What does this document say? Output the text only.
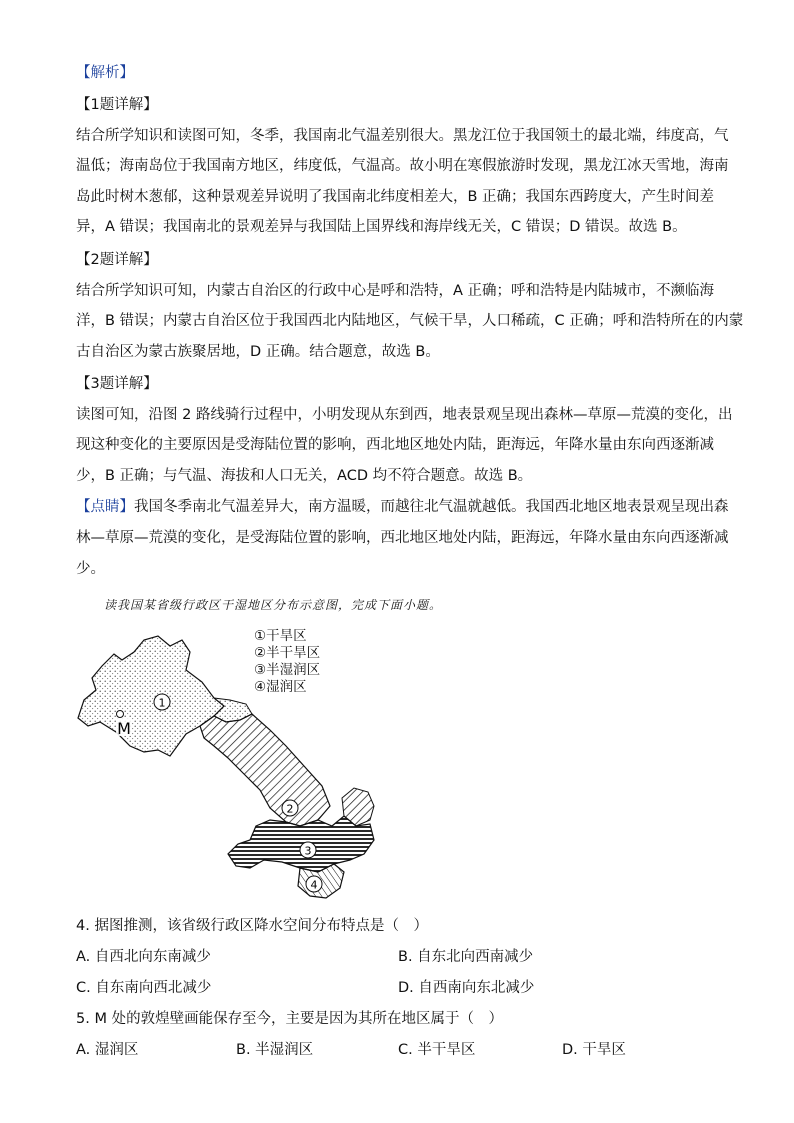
【解析】
【1题详解】
结合所学知识和读图可知，冬季，我国南北气温差别很大。黑龙江位于我国领土的最北端，纬度高，气
温低；海南岛位于我国南方地区，纬度低，气温高。故小明在寒假旅游时发现，黑龙江冰天雪地，海南
岛此时树木葱郁，这种景观差异说明了我国南北纬度相差大，B 正确；我国东西跨度大，产生时间差
异，A 错误；我国南北的景观差异与我国陆上国界线和海岸线无关，C 错误；D 错误。故选 B。
【2题详解】
结合所学知识可知，内蒙古自治区的行政中心是呼和浩特，A 正确；呼和浩特是内陆城市，不濒临海
洋，B 错误；内蒙古自治区位于我国西北内陆地区，气候干旱，人口稀疏，C 正确；呼和浩特所在的内蒙
古自治区为蒙古族聚居地，D 正确。结合题意，故选 B。
【3题详解】
读图可知，沿图 2 路线骑行过程中，小明发现从东到西，地表景观呈现出森林—草原—荒漠的变化，出
现这种变化的主要原因是受海陆位置的影响，西北地区地处内陆，距海远，年降水量由东向西逐渐减
少，B 正确；与气温、海拔和人口无关，ACD 均不符合题意。故选 B。
【点睛】我国冬季南北气温差异大，南方温暖，而越往北气温就越低。我国西北地区地表景观呈现出森
林—草原—荒漠的变化，是受海陆位置的影响，西北地区地处内陆，距海远，年降水量由东向西逐渐减
少。
读我国某省级行政区干湿地区分布示意图，完成下面小题。
①干旱区
②半干旱区
③半湿润区
④湿润区
1
2
3
4
M
4. 据图推测，该省级行政区降水空间分布特点是（　）
A. 自西北向东南减少	B. 自东北向西南减少
C. 自东南向西北减少	D. 自西南向东北减少
5. M 处的敦煌壁画能保存至今，主要是因为其所在地区属于（　）
A. 湿润区	B. 半湿润区	C. 半干旱区	D. 干旱区
